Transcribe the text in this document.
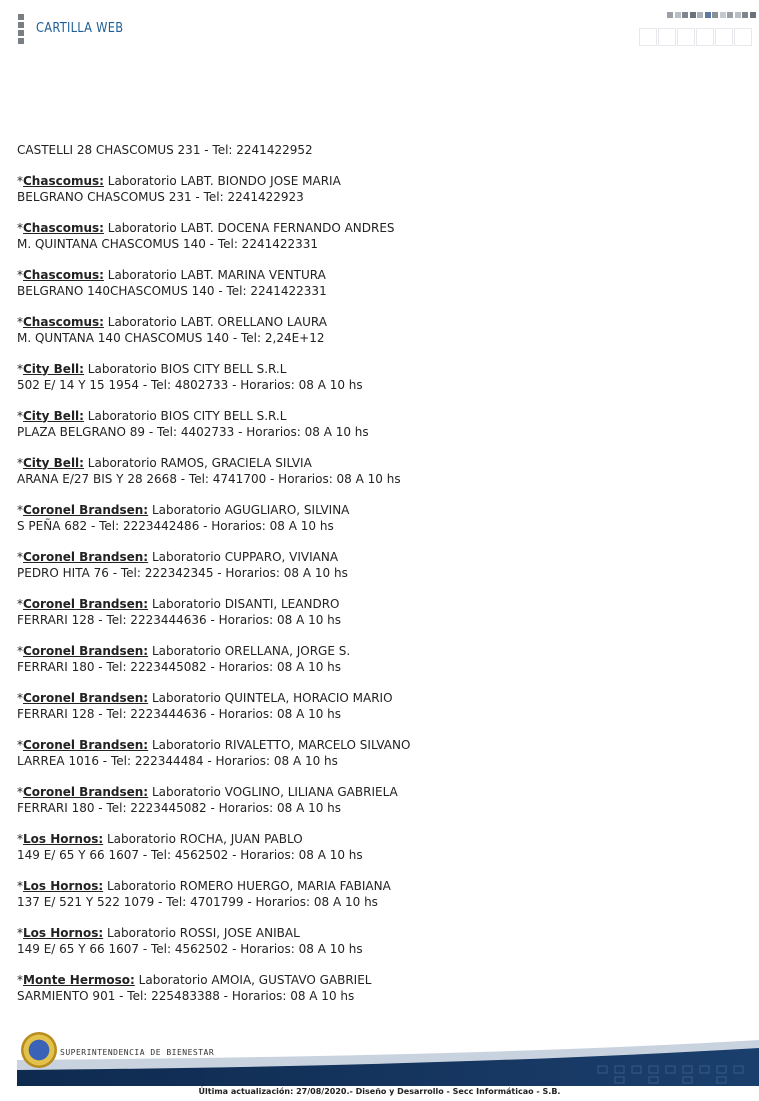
CARTILLA WEB
CASTELLI 28 CHASCOMUS 231 - Tel: 2241422952
*Chascomus: Laboratorio LABT. BIONDO JOSE MARIA
BELGRANO CHASCOMUS 231 - Tel: 2241422923
*Chascomus: Laboratorio LABT. DOCENA FERNANDO ANDRES
M. QUINTANA CHASCOMUS 140 - Tel: 2241422331
*Chascomus: Laboratorio LABT. MARINA VENTURA
BELGRANO 140CHASCOMUS 140 - Tel: 2241422331
*Chascomus: Laboratorio LABT. ORELLANO LAURA
M. QUNTANA 140 CHASCOMUS 140 - Tel: 2,24E+12
*City Bell: Laboratorio BIOS CITY BELL S.R.L
502 E/ 14 Y 15 1954 - Tel: 4802733 - Horarios: 08 A 10 hs
*City Bell: Laboratorio BIOS CITY BELL S.R.L
PLAZA BELGRANO 89 - Tel: 4402733 - Horarios: 08 A 10 hs
*City Bell: Laboratorio RAMOS, GRACIELA SILVIA
ARANA E/27 BIS Y 28 2668 - Tel: 4741700 - Horarios: 08 A 10 hs
*Coronel Brandsen: Laboratorio AGUGLIARO, SILVINA
S PEÑA 682 - Tel: 2223442486 - Horarios: 08 A 10 hs
*Coronel Brandsen: Laboratorio CUPPARO, VIVIANA
PEDRO HITA 76 - Tel: 222342345 - Horarios: 08 A 10 hs
*Coronel Brandsen: Laboratorio DISANTI, LEANDRO
FERRARI 128 - Tel: 2223444636 - Horarios: 08 A 10 hs
*Coronel Brandsen: Laboratorio ORELLANA, JORGE S.
FERRARI 180 - Tel: 2223445082 - Horarios: 08 A 10 hs
*Coronel Brandsen: Laboratorio QUINTELA, HORACIO MARIO
FERRARI 128 - Tel: 2223444636 - Horarios: 08 A 10 hs
*Coronel Brandsen: Laboratorio RIVALETTO, MARCELO SILVANO
LARREA 1016 - Tel: 222344484 - Horarios: 08 A 10 hs
*Coronel Brandsen: Laboratorio VOGLINO, LILIANA GABRIELA
FERRARI 180 - Tel: 2223445082 - Horarios: 08 A 10 hs
*Los Hornos: Laboratorio ROCHA, JUAN PABLO
149 E/ 65 Y 66 1607 - Tel: 4562502 - Horarios: 08 A 10 hs
*Los Hornos: Laboratorio ROMERO HUERGO, MARIA FABIANA
137 E/ 521 Y 522 1079 - Tel: 4701799 - Horarios: 08 A 10 hs
*Los Hornos: Laboratorio ROSSI, JOSE ANIBAL
149 E/ 65 Y 66 1607 - Tel: 4562502 - Horarios: 08 A 10 hs
*Monte Hermoso: Laboratorio AMOIA, GUSTAVO GABRIEL
SARMIENTO 901 - Tel: 225483388 - Horarios: 08 A 10 hs
SUPERINTENDENCIA DE BIENESTAR
Última actualización: 27/08/2020.- Diseño y Desarrollo - Secc Informáticao - S.B.
